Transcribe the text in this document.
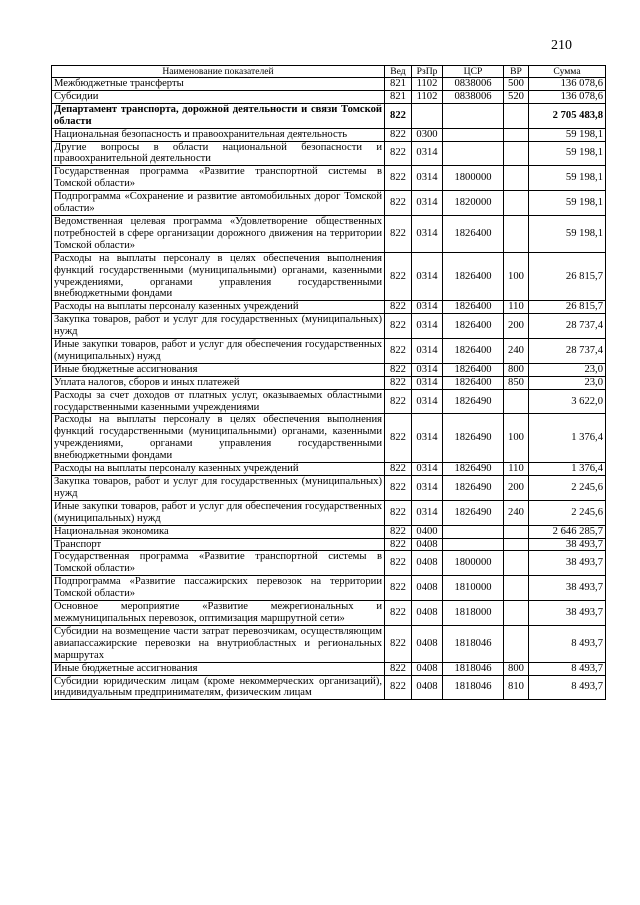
210
Наименование показателей	Вед	РзПр	ЦСР	ВР	Сумма
Межбюджетные трансферты	821	1102	0838006	500	136 078,6
Субсидии	821	1102	0838006	520	136 078,6
Департамент транспорта, дорожной деятельности и связи Томской области	822				2 705 483,8
Национальная безопасность и правоохранительная деятельность	822	0300			59 198,1
Другие вопросы в области национальной безопасности и правоохранительной деятельности	822	0314			59 198,1
Государственная программа «Развитие транспортной системы в Томской области»	822	0314	1800000		59 198,1
Подпрограмма «Сохранение и развитие автомобильных дорог Томской области»	822	0314	1820000		59 198,1
Ведомственная целевая программа «Удовлетворение общественных потребностей в сфере организации дорожного движения на территории Томской области»	822	0314	1826400		59 198,1
Расходы на выплаты персоналу в целях обеспечения выполнения функций государственными (муниципальными) органами, казенными учреждениями, органами управления государственными внебюджетными фондами	822	0314	1826400	100	26 815,7
Расходы на выплаты персоналу казенных учреждений	822	0314	1826400	110	26 815,7
Закупка товаров, работ и услуг для государственных (муниципальных) нужд	822	0314	1826400	200	28 737,4
Иные закупки товаров, работ и услуг для обеспечения государственных (муниципальных) нужд	822	0314	1826400	240	28 737,4
Иные бюджетные ассигнования	822	0314	1826400	800	23,0
Уплата налогов, сборов и иных платежей	822	0314	1826400	850	23,0
Расходы за счет доходов от платных услуг, оказываемых областными государственными казенными учреждениями	822	0314	1826490		3 622,0
Расходы на выплаты персоналу в целях обеспечения выполнения функций государственными (муниципальными) органами, казенными учреждениями, органами управления государственными внебюджетными фондами	822	0314	1826490	100	1 376,4
Расходы на выплаты персоналу казенных учреждений	822	0314	1826490	110	1 376,4
Закупка товаров, работ и услуг для государственных (муниципальных) нужд	822	0314	1826490	200	2 245,6
Иные закупки товаров, работ и услуг для обеспечения государственных (муниципальных) нужд	822	0314	1826490	240	2 245,6
Национальная экономика	822	0400			2 646 285,7
Транспорт	822	0408			38 493,7
Государственная программа «Развитие транспортной системы в Томской области»	822	0408	1800000		38 493,7
Подпрограмма «Развитие пассажирских перевозок на территории Томской области»	822	0408	1810000		38 493,7
Основное мероприятие «Развитие межрегиональных и межмуниципальных перевозок, оптимизация маршрутной сети»	822	0408	1818000		38 493,7
Субсидии на возмещение части затрат перевозчикам, осуществляющим авиапассажирские перевозки на внутриобластных и региональных маршрутах	822	0408	1818046		8 493,7
Иные бюджетные ассигнования	822	0408	1818046	800	8 493,7
Субсидии юридическим лицам (кроме некоммерческих организаций), индивидуальным предпринимателям, физическим лицам	822	0408	1818046	810	8 493,7
